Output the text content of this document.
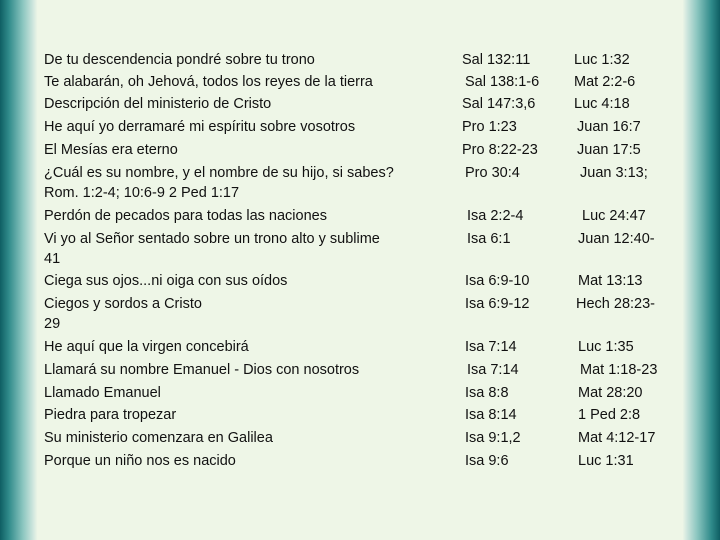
De tu descendencia pondré sobre tu trono	Sal 132:11	Luc 1:32
Te alabarán, oh Jehová, todos los reyes de la tierra	Sal 138:1-6 Mat 2:2-6
Descripción del ministerio de Cristo	Sal 147:3,6	Luc 4:18
He aquí yo derramaré mi espíritu sobre vosotros	Pro 1:23	Juan 16:7
El Mesías era eterno	Pro 8:22-23	Juan 17:5
¿Cuál es su nombre, y el nombre de su hijo, si sabes?	Pro 30:4	Juan 3:13;
Rom. 1:2-4; 10:6-9 2 Ped 1:17
Perdón de pecados para todas las naciones	Isa 2:2-4	Luc 24:47
Vi yo al Señor sentado sobre un trono alto y sublime	Isa 6:1	Juan 12:40-
41
Ciega sus ojos...ni oiga con sus oídos	Isa 6:9-10	Mat 13:13
Ciegos y sordos a Cristo	Isa 6:9-12	Hech 28:23-
29
He aquí que la virgen concebirá	Isa 7:14	Luc 1:35
Llamará su nombre Emanuel - Dios con nosotros	Isa 7:14	Mat 1:18-23
Llamado Emanuel	Isa 8:8	Mat 28:20
Piedra para tropezar	Isa 8:14	1 Ped 2:8
Su ministerio comenzara en Galilea	Isa 9:1,2	Mat 4:12-17
Porque un niño nos es nacido	Isa 9:6	Luc 1:31
